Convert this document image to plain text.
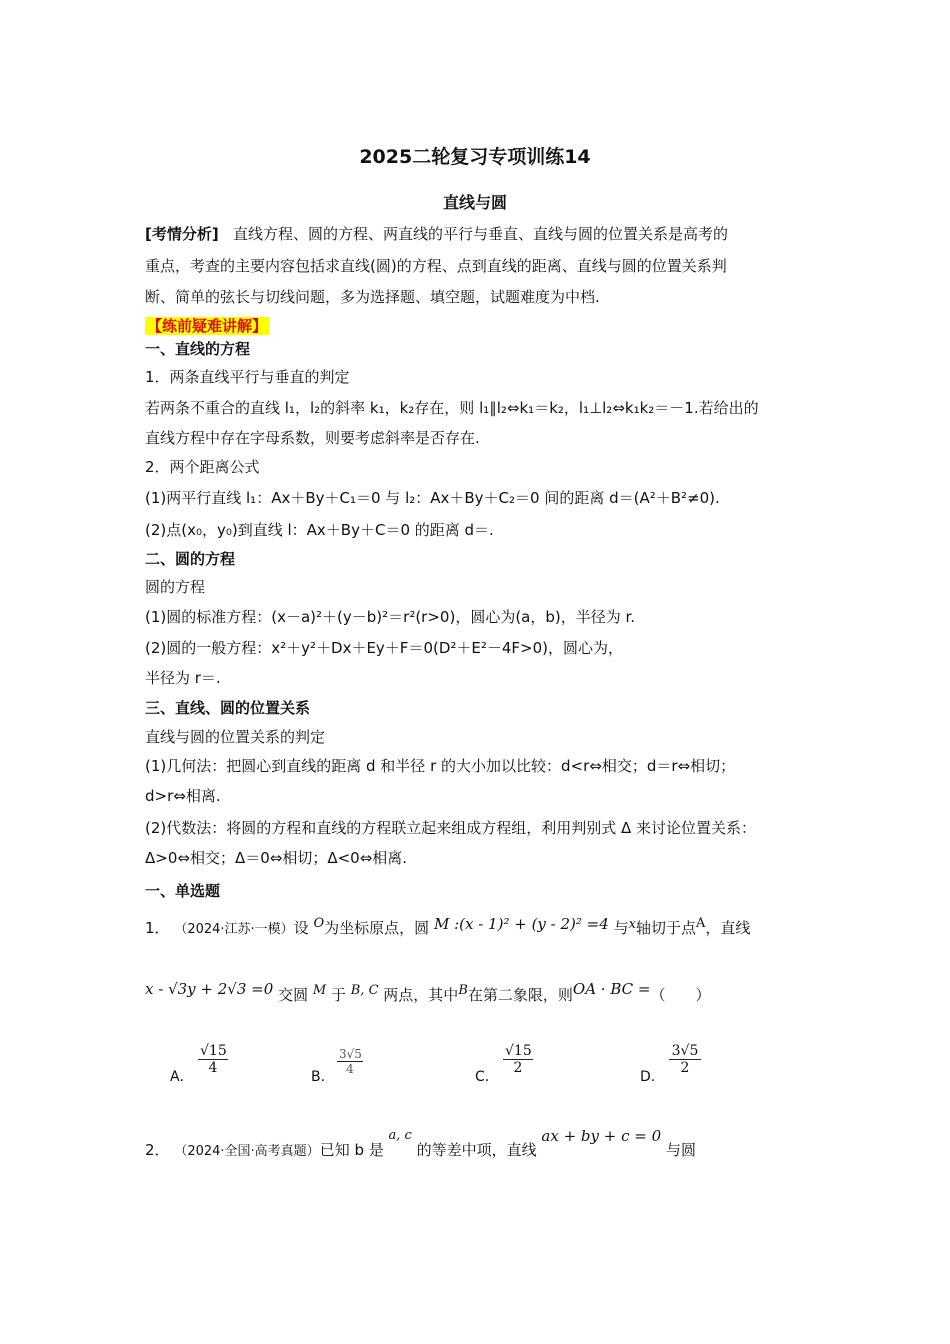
2025二轮复习专项训练14
直线与圆
[考情分析] 直线方程、圆的方程、两直线的平行与垂直、直线与圆的位置关系是高考的
重点，考查的主要内容包括求直线(圆)的方程、点到直线的距离、直线与圆的位置关系判
断、简单的弦长与切线问题，多为选择题、填空题，试题难度为中档.
【练前疑难讲解】
一、直线的方程
1．两条直线平行与垂直的判定
若两条不重合的直线 l₁，l₂的斜率 k₁，k₂存在，则 l₁∥l₂⇔k₁＝k₂，l₁⊥l₂⇔k₁k₂＝－1.若给出的
直线方程中存在字母系数，则要考虑斜率是否存在.
2．两个距离公式
(1)两平行直线 l₁：Ax＋By＋C₁＝0 与 l₂：Ax＋By＋C₂＝0 间的距离 d＝(A²＋B²≠0).
(2)点(x₀，y₀)到直线 l：Ax＋By＋C＝0 的距离 d＝.
二、圆的方程
圆的方程
(1)圆的标准方程：(x－a)²＋(y－b)²＝r²(r>0)，圆心为(a，b)，半径为 r.
(2)圆的一般方程：x²＋y²＋Dx＋Ey＋F＝0(D²＋E²－4F>0)，圆心为，
半径为 r＝.
三、直线、圆的位置关系
直线与圆的位置关系的判定
(1)几何法：把圆心到直线的距离 d 和半径 r 的大小加以比较：d<r⇔相交；d＝r⇔相切；
d>r⇔相离.
(2)代数法：将圆的方程和直线的方程联立起来组成方程组，利用判别式 Δ 来讨论位置关系：
Δ>0⇔相交；Δ＝0⇔相切；Δ<0⇔相离.
一、单选题
1． （2024·江苏·一模）设 O为坐标原点，圆 M :(x - 1)² + (y - 2)² =4 与x轴切于点A，直线
x - √3y + 2√3 =0 交圆 M 于 B, C 两点，其中B在第二象限，则OA · BC =（　　）
A．
$\frac{√15}{4}$
B．
$\frac{3√5}{4}$
C．
$\frac{√15}{2}$
D．
$\frac{3√5}{2}$
2． （2024·全国·高考真题）已知 b 是 a, c 的等差中项，直线 ax + by + c = 0 与圆
